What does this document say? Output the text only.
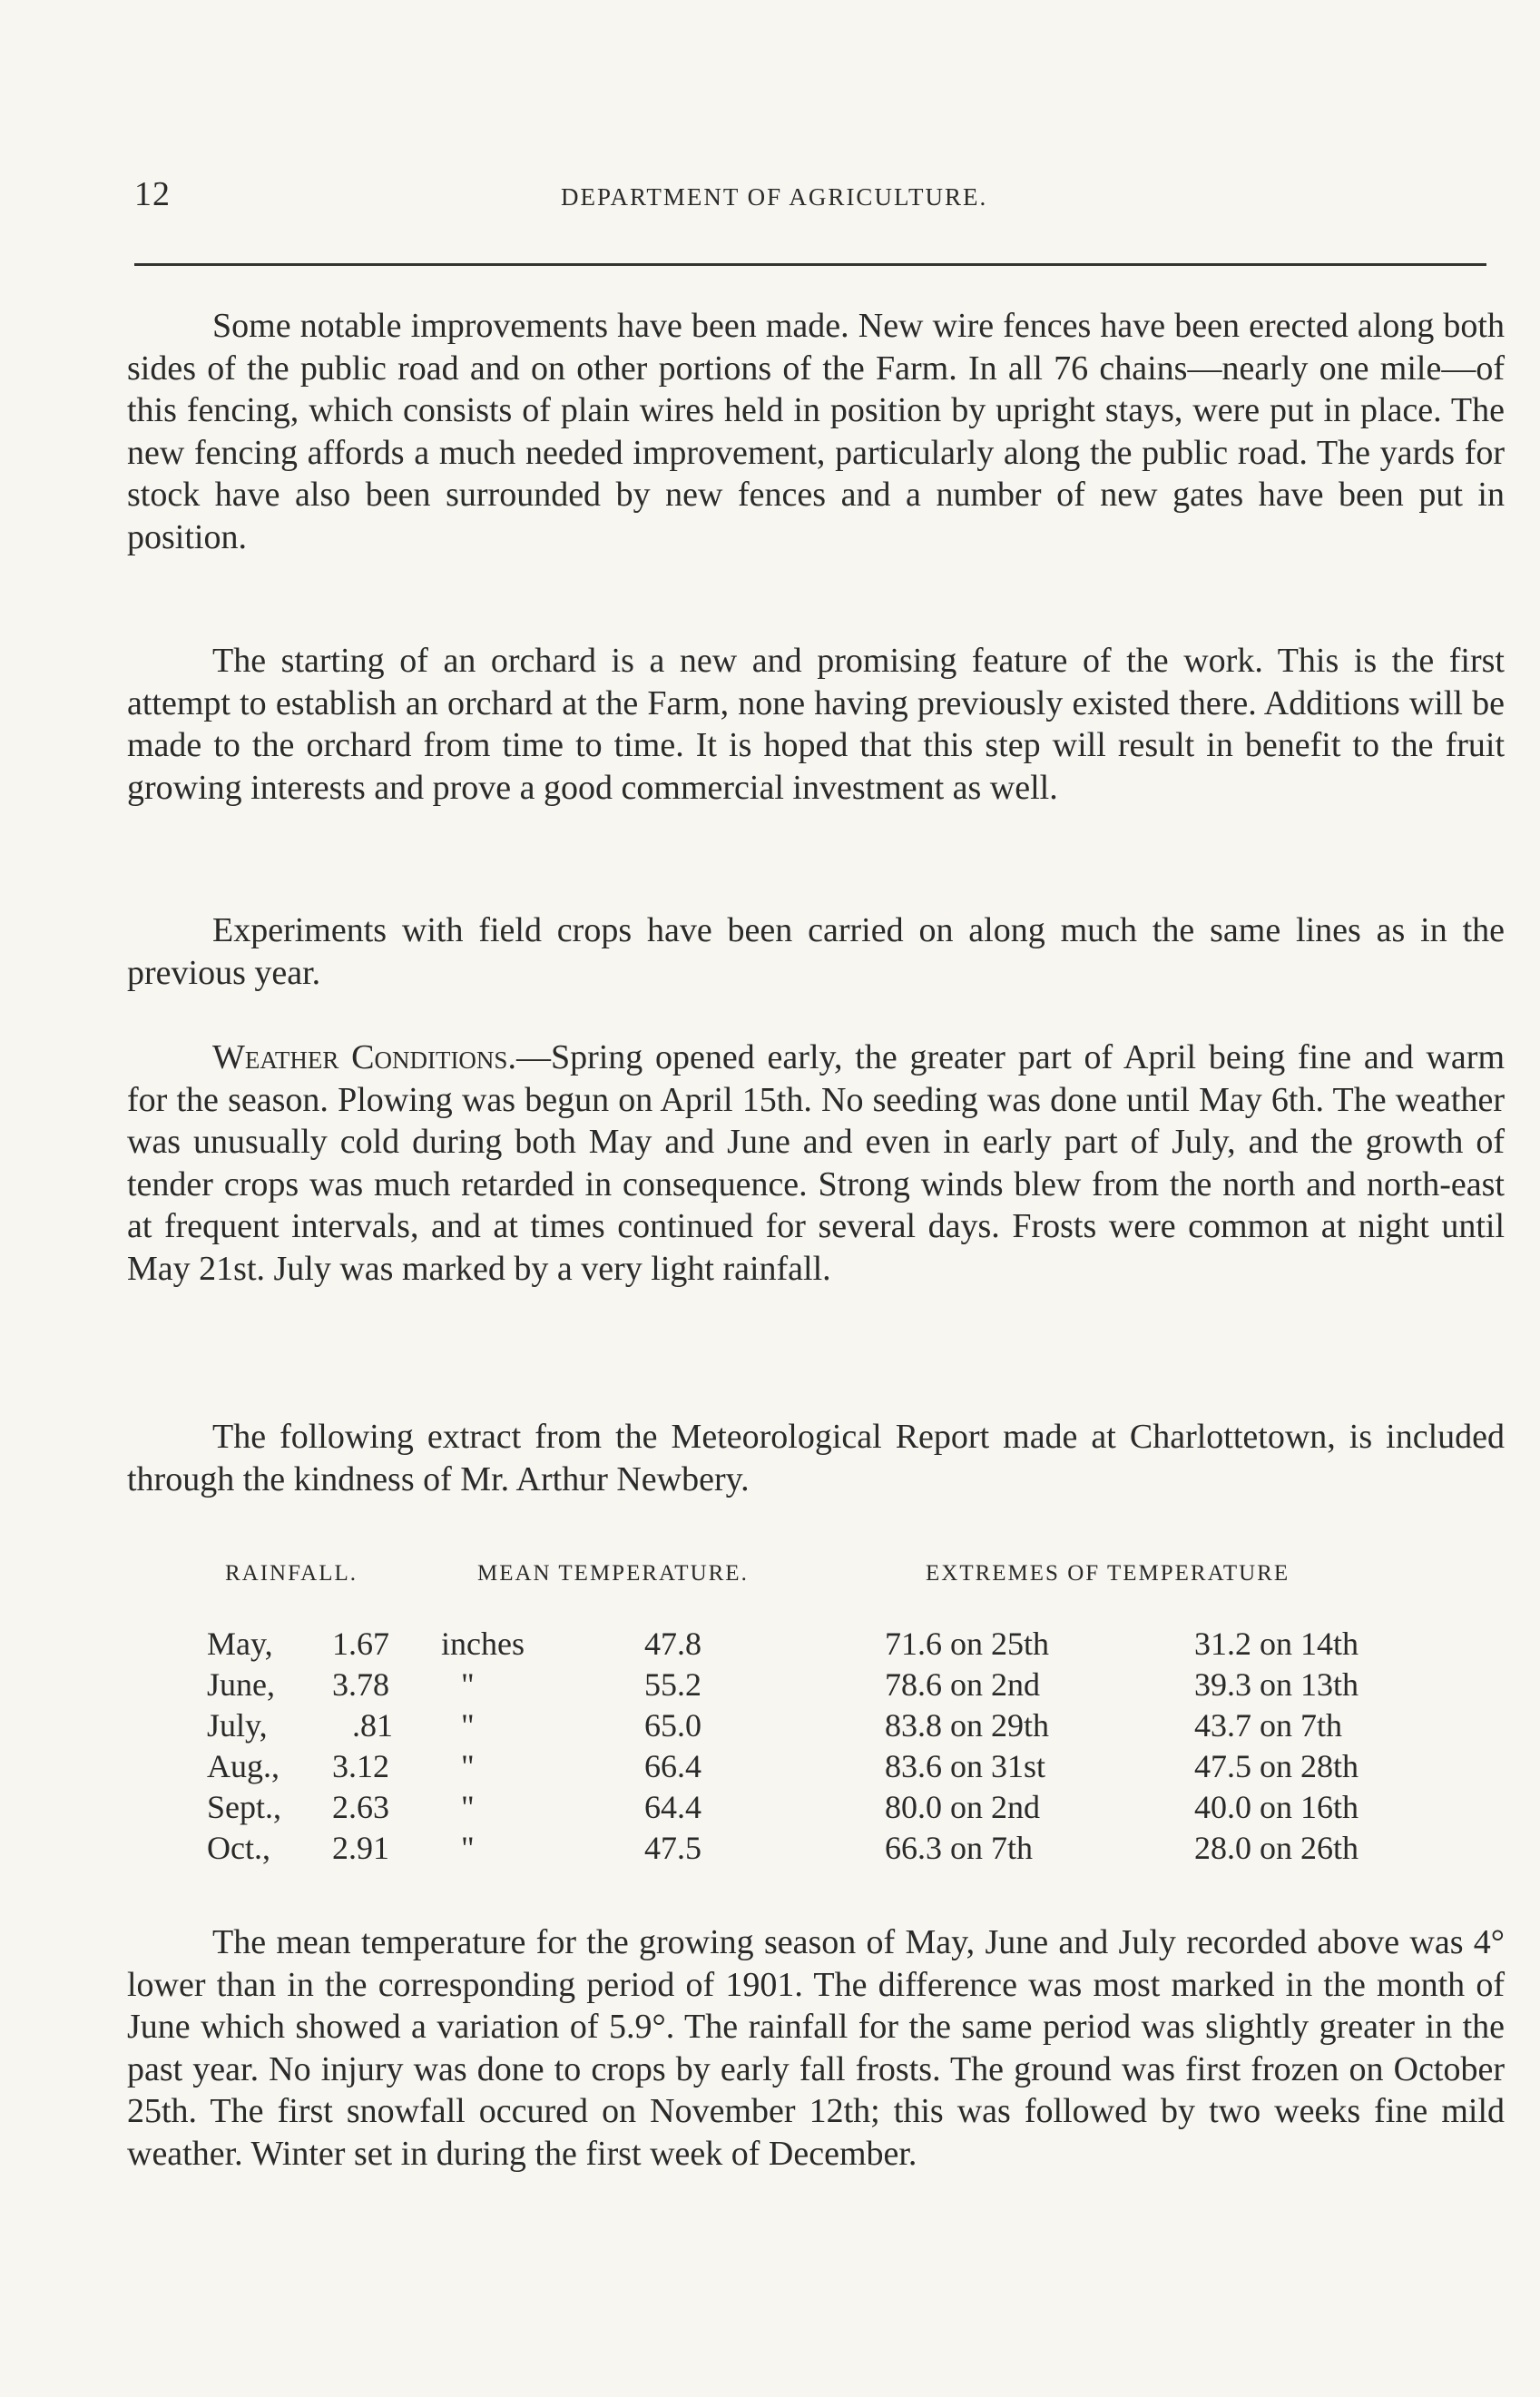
12	DEPARTMENT OF AGRICULTURE.

Some notable improvements have been made. New wire fences have been erected along both sides of the public road and on other portions of the Farm. In all 76 chains—nearly one mile—of this fencing, which consists of plain wires held in position by upright stays, were put in place. The new fencing affords a much needed improvement, particularly along the public road. The yards for stock have also been surrounded by new fences and a number of new gates have been put in position.

The starting of an orchard is a new and promising feature of the work. This is the first attempt to establish an orchard at the Farm, none having previously existed there. Additions will be made to the orchard from time to time. It is hoped that this step will result in benefit to the fruit growing interests and prove a good commercial investment as well.

Experiments with field crops have been carried on along much the same lines as in the previous year.

Weather Conditions.—Spring opened early, the greater part of April being fine and warm for the season. Plowing was begun on April 15th. No seeding was done until May 6th. The weather was unusually cold during both May and June and even in early part of July, and the growth of tender crops was much retarded in consequence. Strong winds blew from the north and north-east at frequent intervals, and at times continued for several days. Frosts were common at night until May 21st. July was marked by a very light rainfall.

The following extract from the Meteorological Report made at Charlottetown, is included through the kindness of Mr. Arthur Newbery.

RAINFALL.	MEAN TEMPERATURE.	EXTREMES OF TEMPERATURE
May, 1.67 inches	47.8	71.6 on 25th	31.2 on 14th
June, 3.78 "	55.2	78.6 on 2nd	39.3 on 13th
July,	.81 "	65.0	83.8 on 29th	43.7 on 7th
Aug., 3.12 "	66.4	83.6 on 31st	47.5 on 28th
Sept., 2.63 "	64.4	80.0 on 2nd	40.0 on 16th
Oct., 2.91 "	47.5	66.3 on 7th	28.0 on 26th

The mean temperature for the growing season of May, June and July recorded above was 4° lower than in the corresponding period of 1901. The difference was most marked in the month of June which showed a variation of 5.9°. The rainfall for the same period was slightly greater in the past year. No injury was done to crops by early fall frosts. The ground was first frozen on October 25th. The first snowfall occured on November 12th; this was followed by two weeks fine mild weather. Winter set in during the first week of December.
